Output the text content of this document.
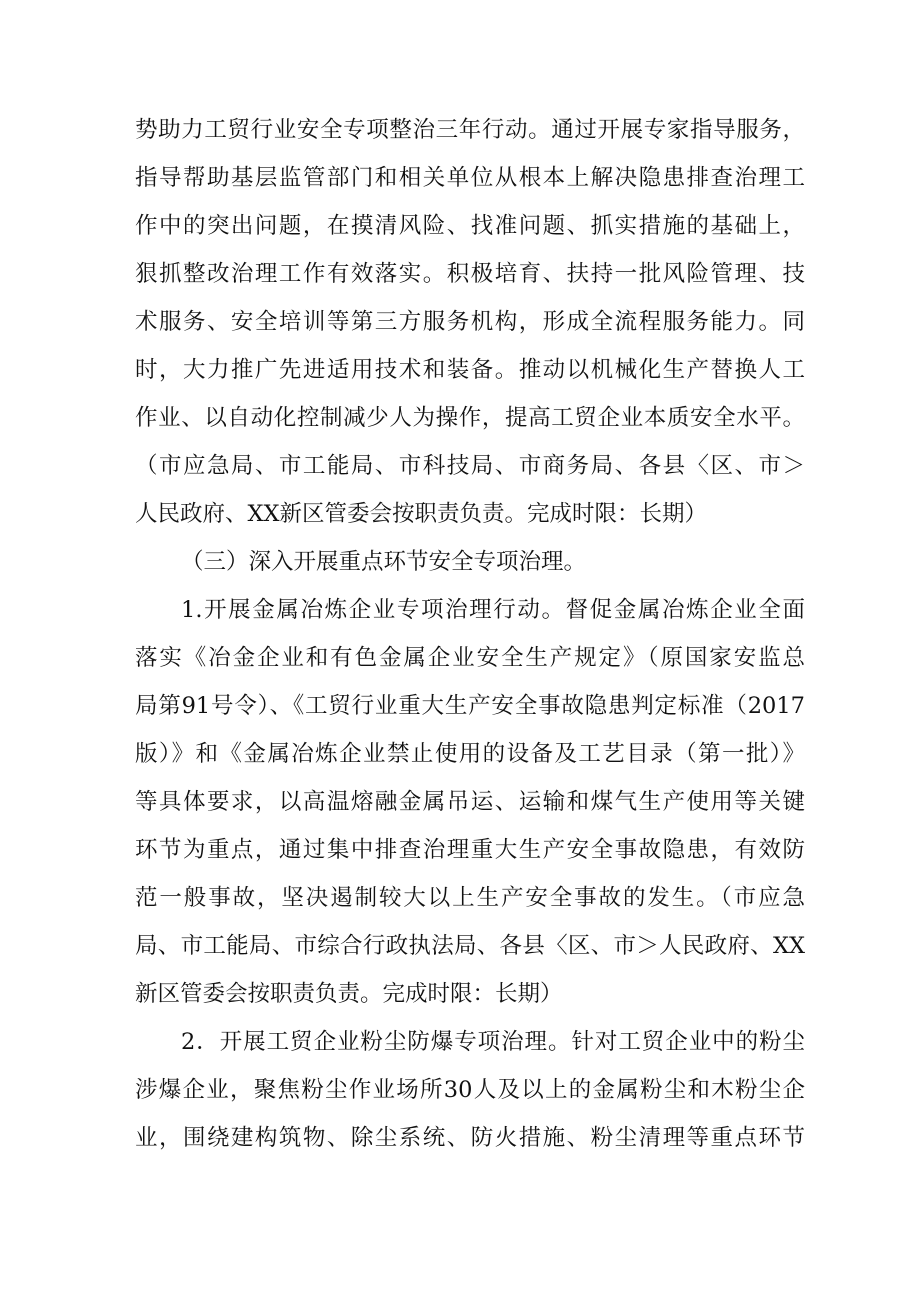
势助力工贸行业安全专项整治三年行动。通过开展专家指导服务，
指导帮助基层监管部门和相关单位从根本上解决隐患排查治理工
作中的突出问题，在摸清风险、找准问题、抓实措施的基础上，
狠抓整改治理工作有效落实。积极培育、扶持一批风险管理、技
术服务、安全培训等第三方服务机构，形成全流程服务能力。同
时，大力推广先进适用技术和装备。推动以机械化生产替换人工
作业、以自动化控制减少人为操作，提高工贸企业本质安全水平。
（市应急局、市工能局、市科技局、市商务局、各县〈区、市＞
人民政府、XX新区管委会按职责负责。完成时限：长期）
（三）深入开展重点环节安全专项治理。
1.开展金属冶炼企业专项治理行动。督促金属冶炼企业全面
落实《冶金企业和有色金属企业安全生产规定》（原国家安监总
局第91号令）、《工贸行业重大生产安全事故隐患判定标准（2017
版）》和《金属冶炼企业禁止使用的设备及工艺目录（第一批）》
等具体要求，以高温熔融金属吊运、运输和煤气生产使用等关键
环节为重点，通过集中排查治理重大生产安全事故隐患，有效防
范一般事故，坚决遏制较大以上生产安全事故的发生。（市应急
局、市工能局、市综合行政执法局、各县〈区、市＞人民政府、XX
新区管委会按职责负责。完成时限：长期）
2．开展工贸企业粉尘防爆专项治理。针对工贸企业中的粉尘
涉爆企业，聚焦粉尘作业场所30人及以上的金属粉尘和木粉尘企
业，围绕建构筑物、除尘系统、防火措施、粉尘清理等重点环节
